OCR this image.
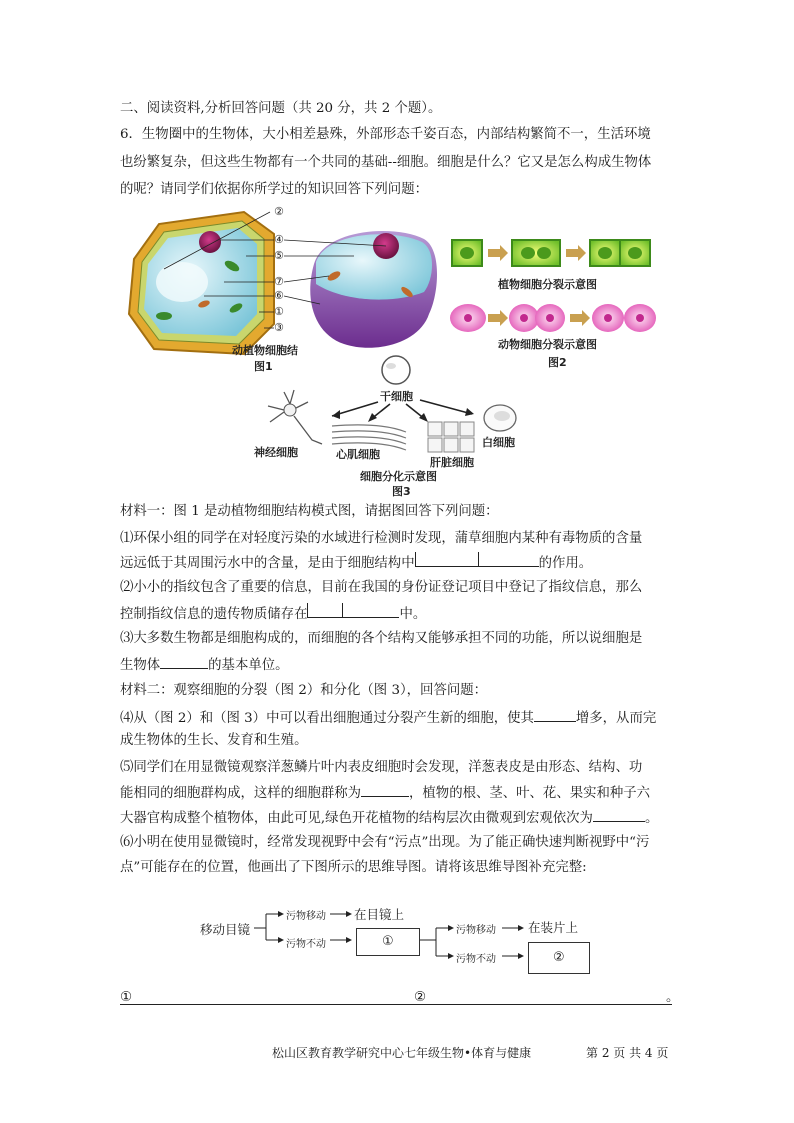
二、阅读资料,分析回答问题（共 20 分，共 2 个题）。
6．生物圈中的生物体，大小相差悬殊，外部形态千姿百态，内部结构繁简不一，生活环境
也纷繁复杂，但这些生物都有一个共同的基础--细胞。细胞是什么？它又是怎么构成生物体
的呢？请同学们依据你所学过的知识回答下列问题：
②
④
⑤
⑦
⑥
①
③
动植物细胞结
图1
植物细胞分裂示意图
动物细胞分裂示意图
图2
干细胞
神经细胞	心肌细胞
肝脏细胞
白细胞
细胞分化示意图
图3
材料一：图 1 是动植物细胞结构模式图，请据图回答下列问题：
⑴环保小组的同学在对轻度污染的水域进行检测时发现，蒲草细胞内某种有毒物质的含量
远远低于其周围污水中的含量，是由于细胞结构中	的作用。
⑵小小的指纹包含了重要的信息，目前在我国的身份证登记项目中登记了指纹信息，那么
控制指纹信息的遗传物质储存在	中。
⑶大多数生物都是细胞构成的，而细胞的各个结构又能够承担不同的功能，所以说细胞是
生物体	的基本单位。
材料二：观察细胞的分裂（图 2）和分化（图 3），回答问题：
⑷从（图 2）和（图 3）中可以看出细胞通过分裂产生新的细胞，使其	增多，从而完
成生物体的生长、发育和生殖。
⑸同学们在用显微镜观察洋葱鳞片叶内表皮细胞时会发现，洋葱表皮是由形态、结构、功
能相同的细胞群构成，这样的细胞群称为	，植物的根、茎、叶、花、果实和种子六
大器官构成整个植物体，由此可见,绿色开花植物的结构层次由微观到宏观依次为	。
⑹小明在使用显微镜时，经常发现视野中会有“污点”出现。为了能正确快速判断视野中“污
点”可能存在的位置，他画出了下图所示的思维导图。请将该思维导图补充完整:
移动目镜
污物移动 在目镜上
污物不动	①
污物移动	在装片上
污物不动	②
①	②	。
松山区教育教学研究中心七年级生物•体育与健康	第 2 页 共 4 页
